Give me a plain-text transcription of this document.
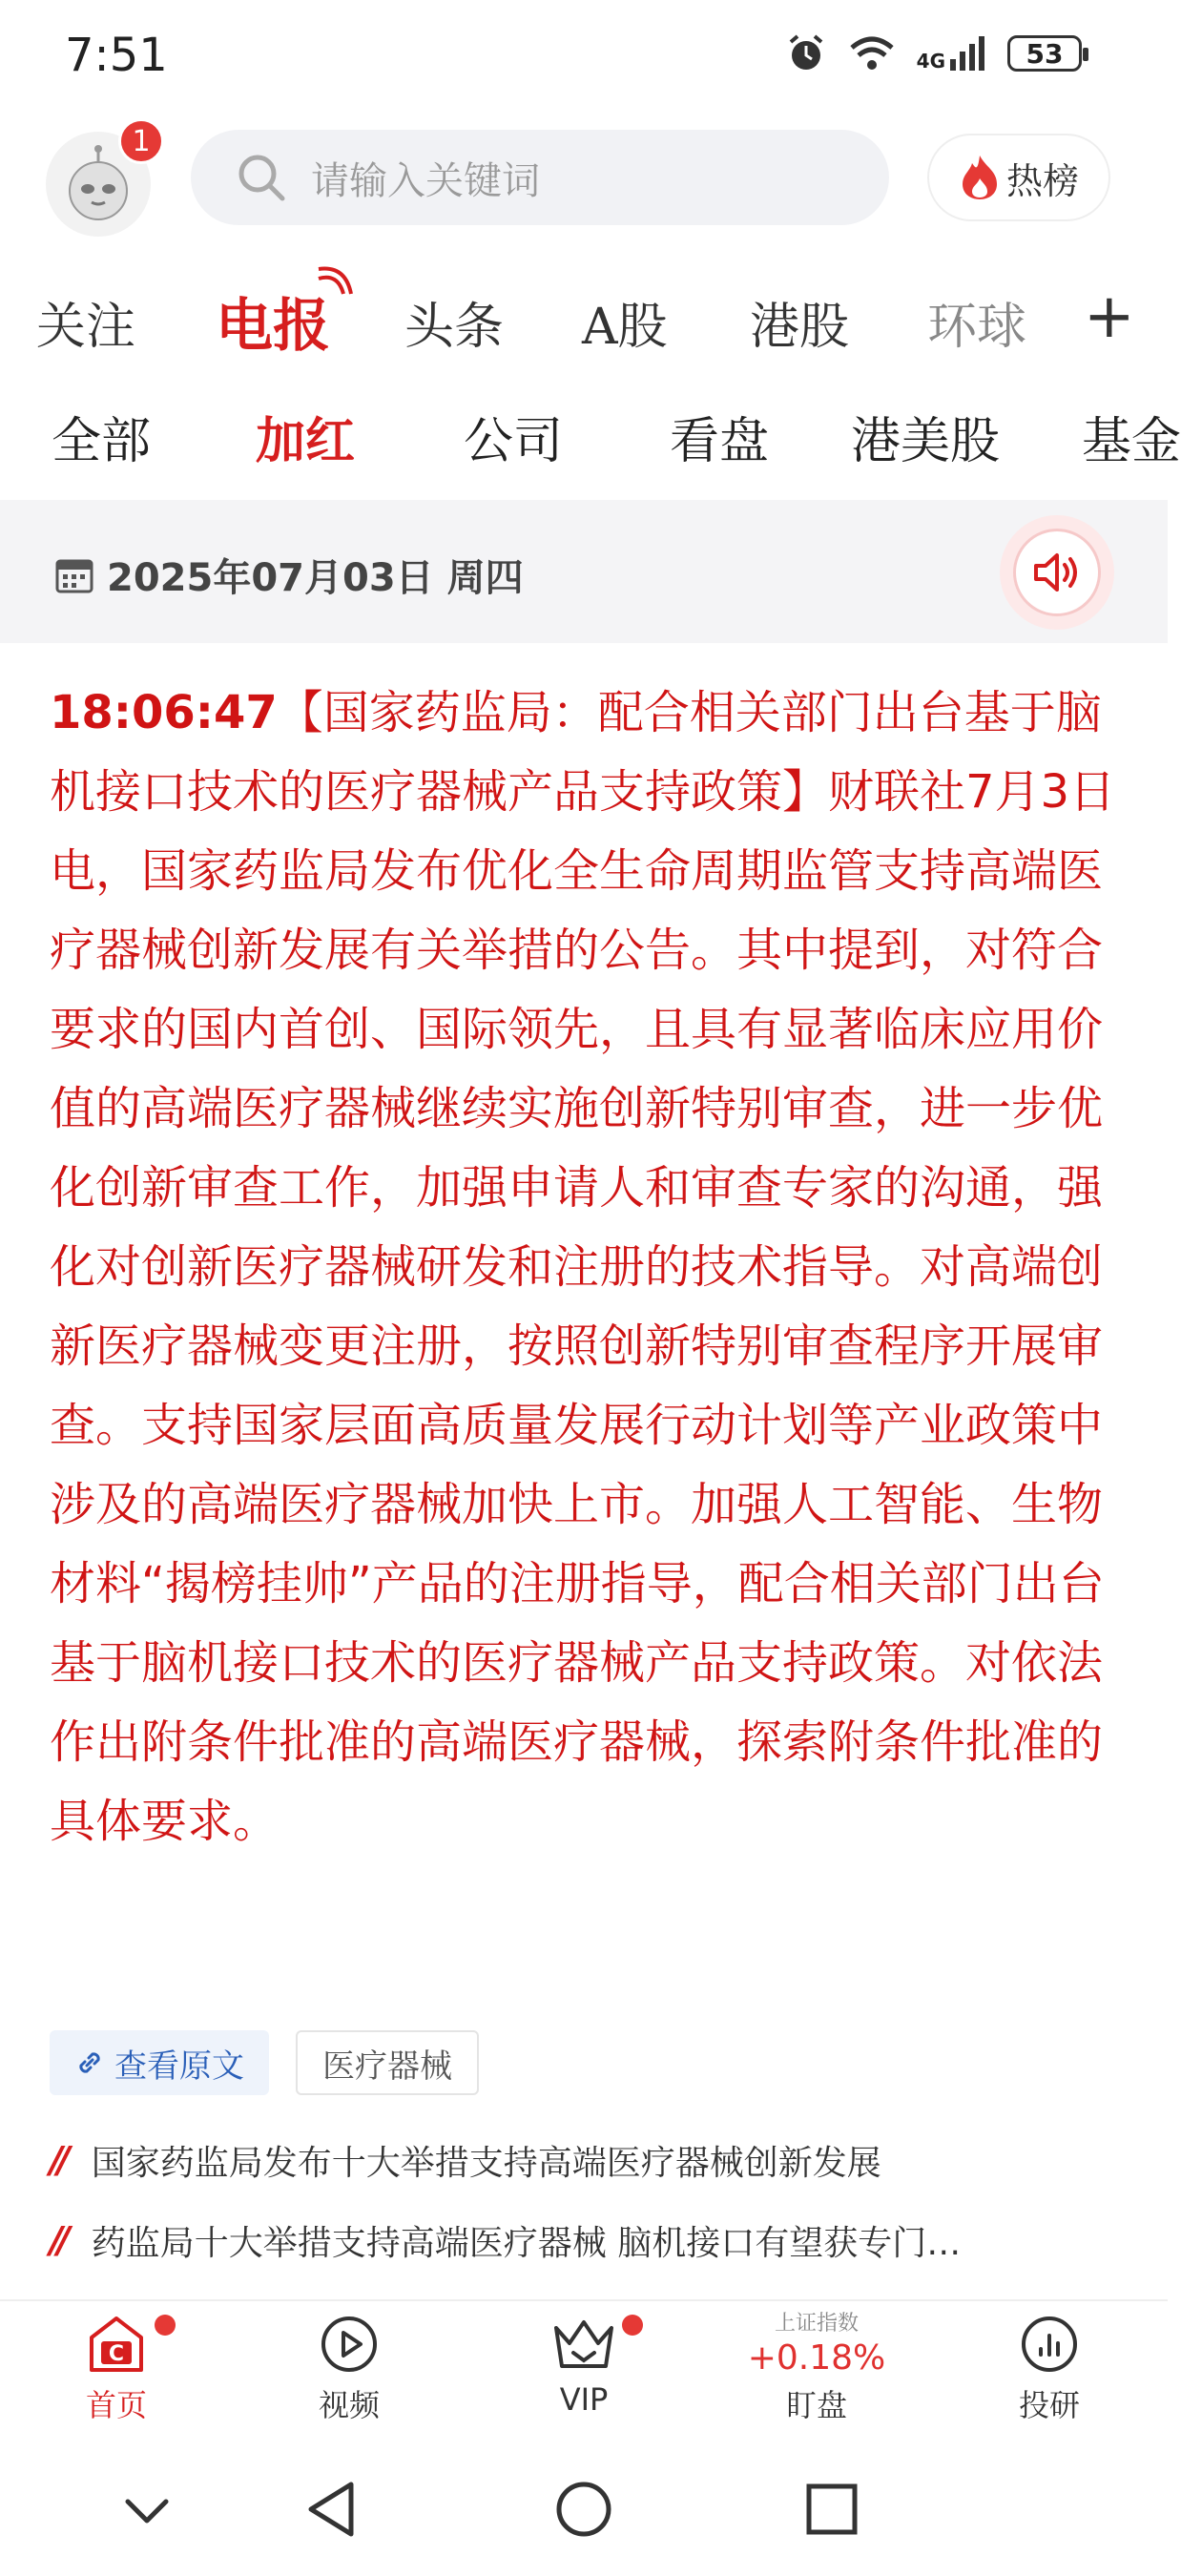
7:51	4G	53
1
请输入关键词	热榜
关注 电报 头条 A股 港股 环球 +
全部 加红 公司 看盘 港美股 基金
2025年07月03日 周四
18:06:47【国家药监局：配合相关部门出台基于脑机接口技术的医疗器械产品支持政策】财联社7月3日电，国家药监局发布优化全生命周期监管支持高端医疗器械创新发展有关举措的公告。其中提到，对符合要求的国内首创、国际领先，且具有显著临床应用价值的高端医疗器械继续实施创新特别审查，进一步优化创新审查工作，加强申请人和审查专家的沟通，强化对创新医疗器械研发和注册的技术指导。对高端创新医疗器械变更注册，按照创新特别审查程序开展审查。支持国家层面高质量发展行动计划等产业政策中涉及的高端医疗器械加快上市。加强人工智能、生物材料“揭榜挂帅”产品的注册指导，配合相关部门出台基于脑机接口技术的医疗器械产品支持政策。对依法作出附条件批准的高端医疗器械，探索附条件批准的具体要求。
查看原文	医疗器械
// 国家药监局发布十大举措支持高端医疗器械创新发展
// 药监局十大举措支持高端医疗器械 脑机接口有望获专门…
C
首页	视频	VIP
上证指数
+0.18%
盯盘	投研
